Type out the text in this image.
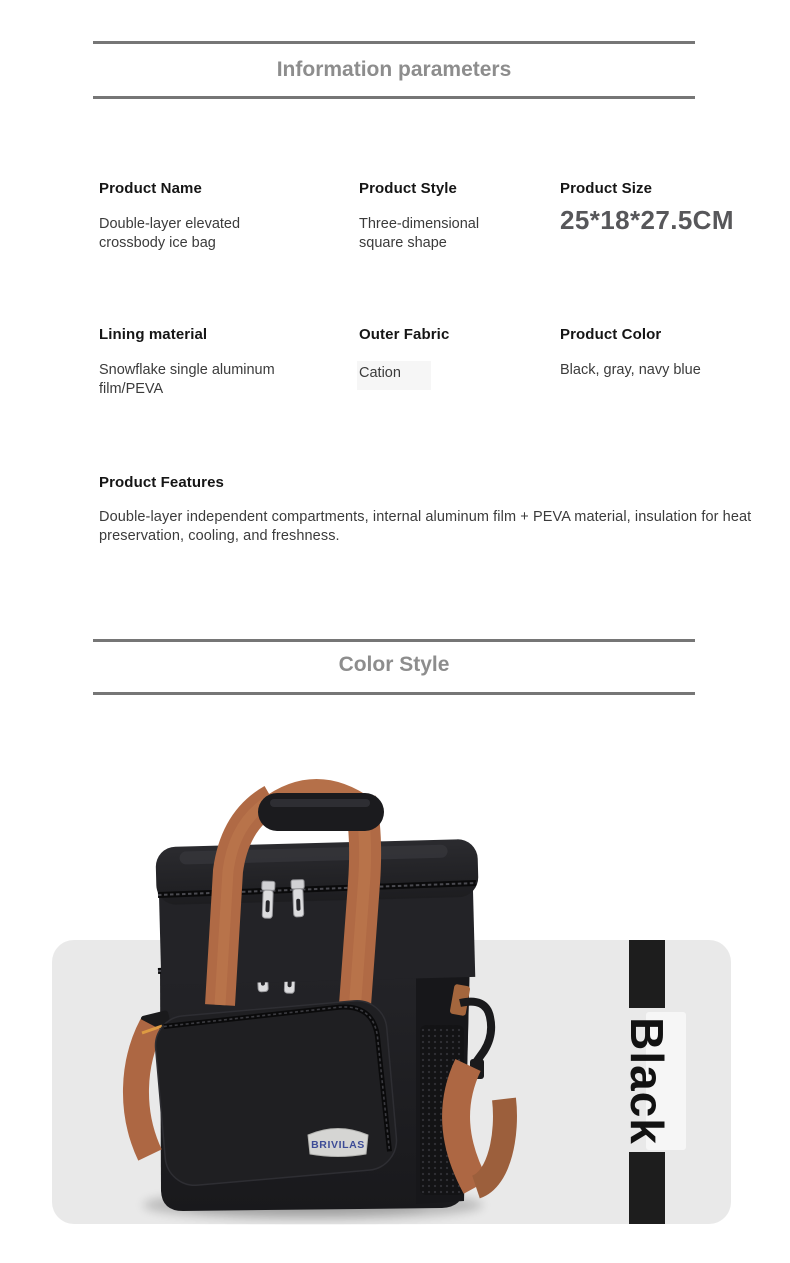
Information parameters
Product Name
Double-layer elevated crossbody ice bag
Product Style
Three-dimensional square shape
Product Size
25*18*27.5CM
Lining material
Snowflake single aluminum film/PEVA
Outer Fabric
Cation
Product Color
Black, gray, navy blue
Product Features
Double-layer independent compartments, internal aluminum film + PEVA material, insulation for heat preservation, cooling, and freshness.
Color Style
BRIVILAS
Black
